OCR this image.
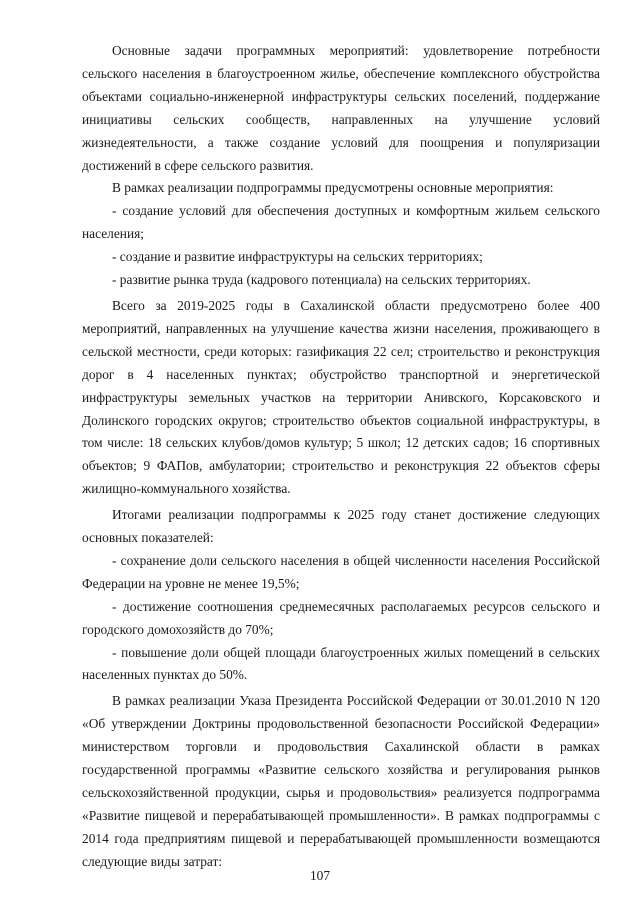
Основные задачи программных мероприятий: удовлетворение потребности сельского населения в благоустроенном жилье, обеспечение комплексного обустройства объектами социально-инженерной инфраструктуры сельских поселений, поддержание инициативы сельских сообществ, направленных на улучшение условий жизнедеятельности, а также создание условий для поощрения и популяризации достижений в сфере сельского развития.

В рамках реализации подпрограммы предусмотрены основные мероприятия:

- создание условий для обеспечения доступных и комфортным жильем сельского населения;

- создание и развитие инфраструктуры на сельских территориях;

- развитие рынка труда (кадрового потенциала) на сельских территориях.

Всего за 2019-2025 годы в Сахалинской области предусмотрено более 400 мероприятий, направленных на улучшение качества жизни населения, проживающего в сельской местности, среди которых: газификация 22 сел; строительство и реконструкция дорог в 4 населенных пунктах; обустройство транспортной и энергетической инфраструктуры земельных участков на территории Анивского, Корсаковского и Долинского городских округов; строительство объектов социальной инфраструктуры, в том числе: 18 сельских клубов/домов культур; 5 школ; 12 детских садов; 16 спортивных объектов; 9 ФАПов, амбулатории; строительство и реконструкция 22 объектов сферы жилищно-коммунального хозяйства.

Итогами реализации подпрограммы к 2025 году станет достижение следующих основных показателей:

- сохранение доли сельского населения в общей численности населения Российской Федерации на уровне не менее 19,5%;

- достижение соотношения среднемесячных располагаемых ресурсов сельского и городского домохозяйств до 70%;

- повышение доли общей площади благоустроенных жилых помещений в сельских населенных пунктах до 50%.

В рамках реализации Указа Президента Российской Федерации от 30.01.2010 N 120 «Об утверждении Доктрины продовольственной безопасности Российской Федерации» министерством торговли и продовольствия Сахалинской области в рамках государственной программы «Развитие сельского хозяйства и регулирования рынков сельскохозяйственной продукции, сырья и продовольствия» реализуется подпрограмма «Развитие пищевой и перерабатывающей промышленности». В рамках подпрограммы с 2014 года предприятиям пищевой и перерабатывающей промышленности возмещаются следующие виды затрат:

107
